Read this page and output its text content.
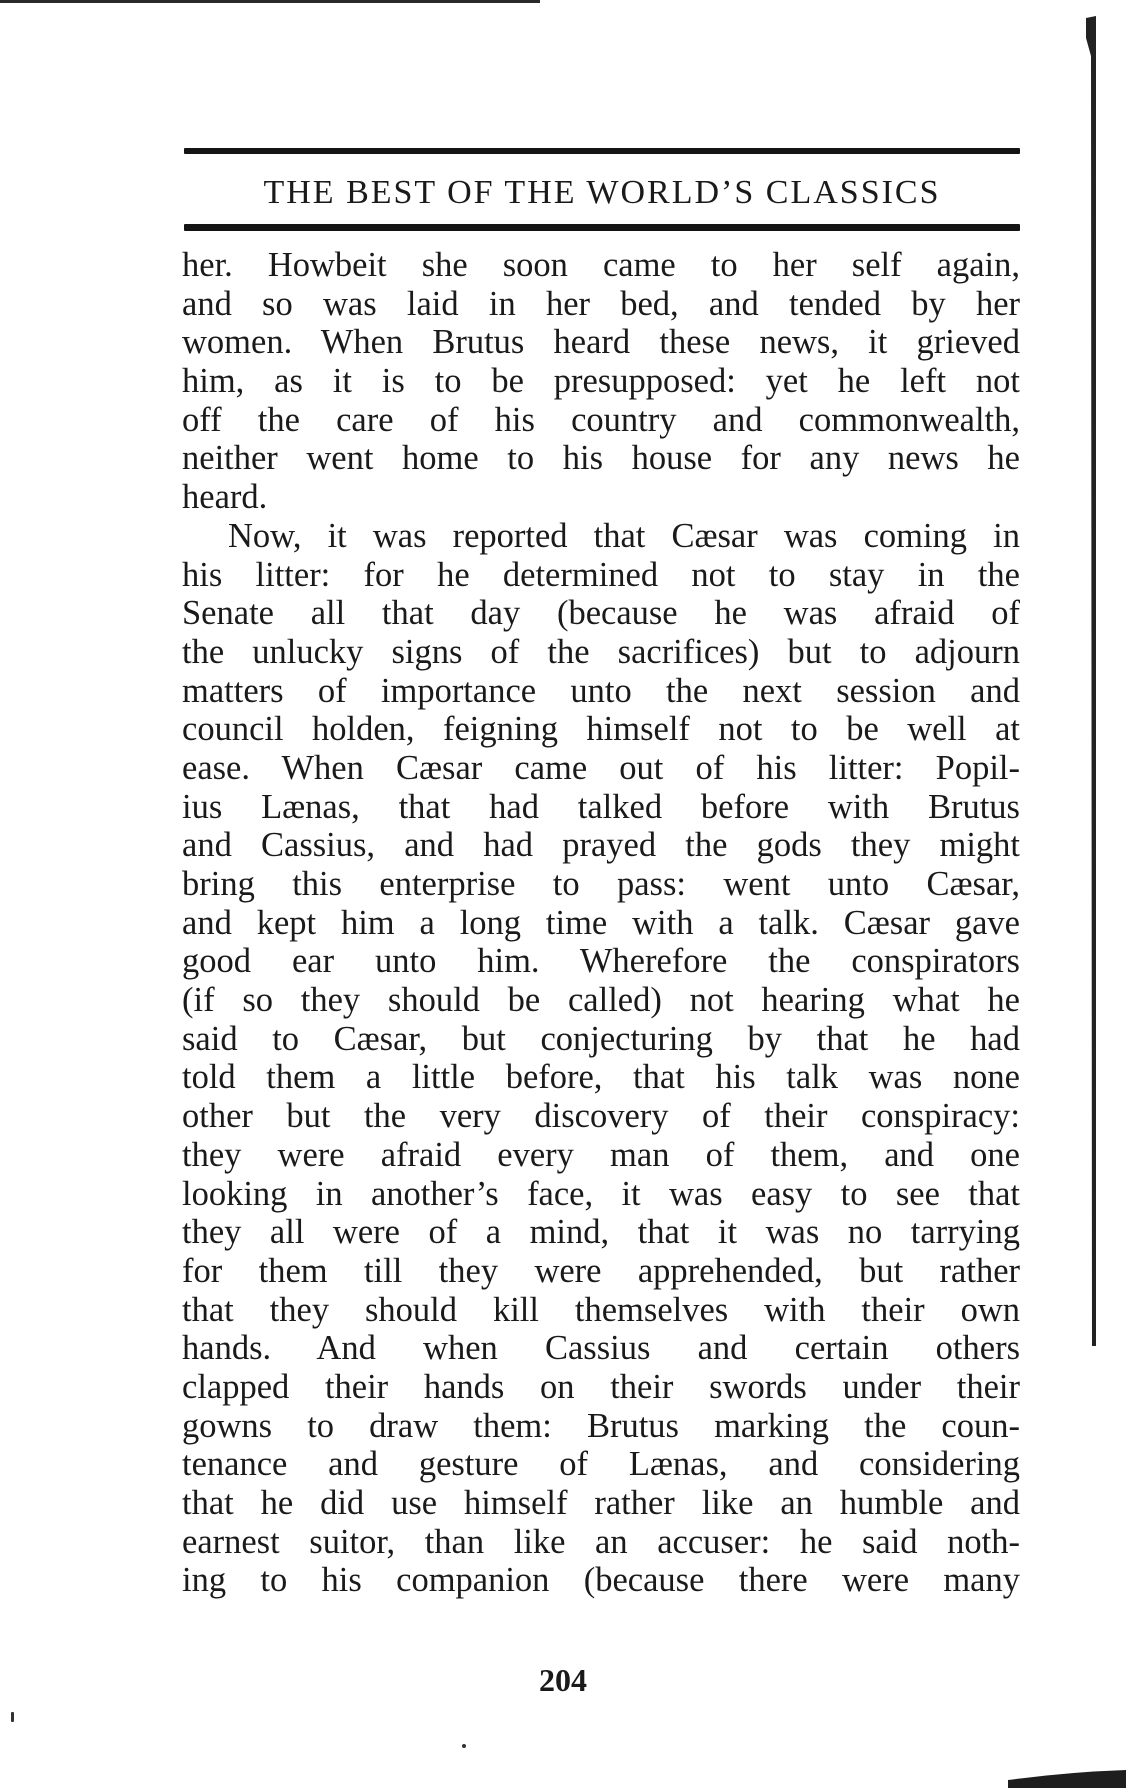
THE BEST OF THE WORLD’S CLASSICS
her. Howbeit she soon came to her self again,
and so was laid in her bed, and tended by her
women. When Brutus heard these news, it grieved
him, as it is to be presupposed: yet he left not
off the care of his country and commonwealth,
neither went home to his house for any news he
heard.
Now, it was reported that Cæsar was coming in
his litter: for he determined not to stay in the
Senate all that day (because he was afraid of
the unlucky signs of the sacrifices) but to adjourn
matters of importance unto the next session and
council holden, feigning himself not to be well at
ease. When Cæsar came out of his litter: Popil-
ius Lænas, that had talked before with Brutus
and Cassius, and had prayed the gods they might
bring this enterprise to pass: went unto Cæsar,
and kept him a long time with a talk. Cæsar gave
good ear unto him. Wherefore the conspirators
(if so they should be called) not hearing what he
said to Cæsar, but conjecturing by that he had
told them a little before, that his talk was none
other but the very discovery of their conspiracy:
they were afraid every man of them, and one
looking in another’s face, it was easy to see that
they all were of a mind, that it was no tarrying
for them till they were apprehended, but rather
that they should kill themselves with their own
hands. And when Cassius and certain others
clapped their hands on their swords under their
gowns to draw them: Brutus marking the coun-
tenance and gesture of Lænas, and considering
that he did use himself rather like an humble and
earnest suitor, than like an accuser: he said noth-
ing to his companion (because there were many
204
